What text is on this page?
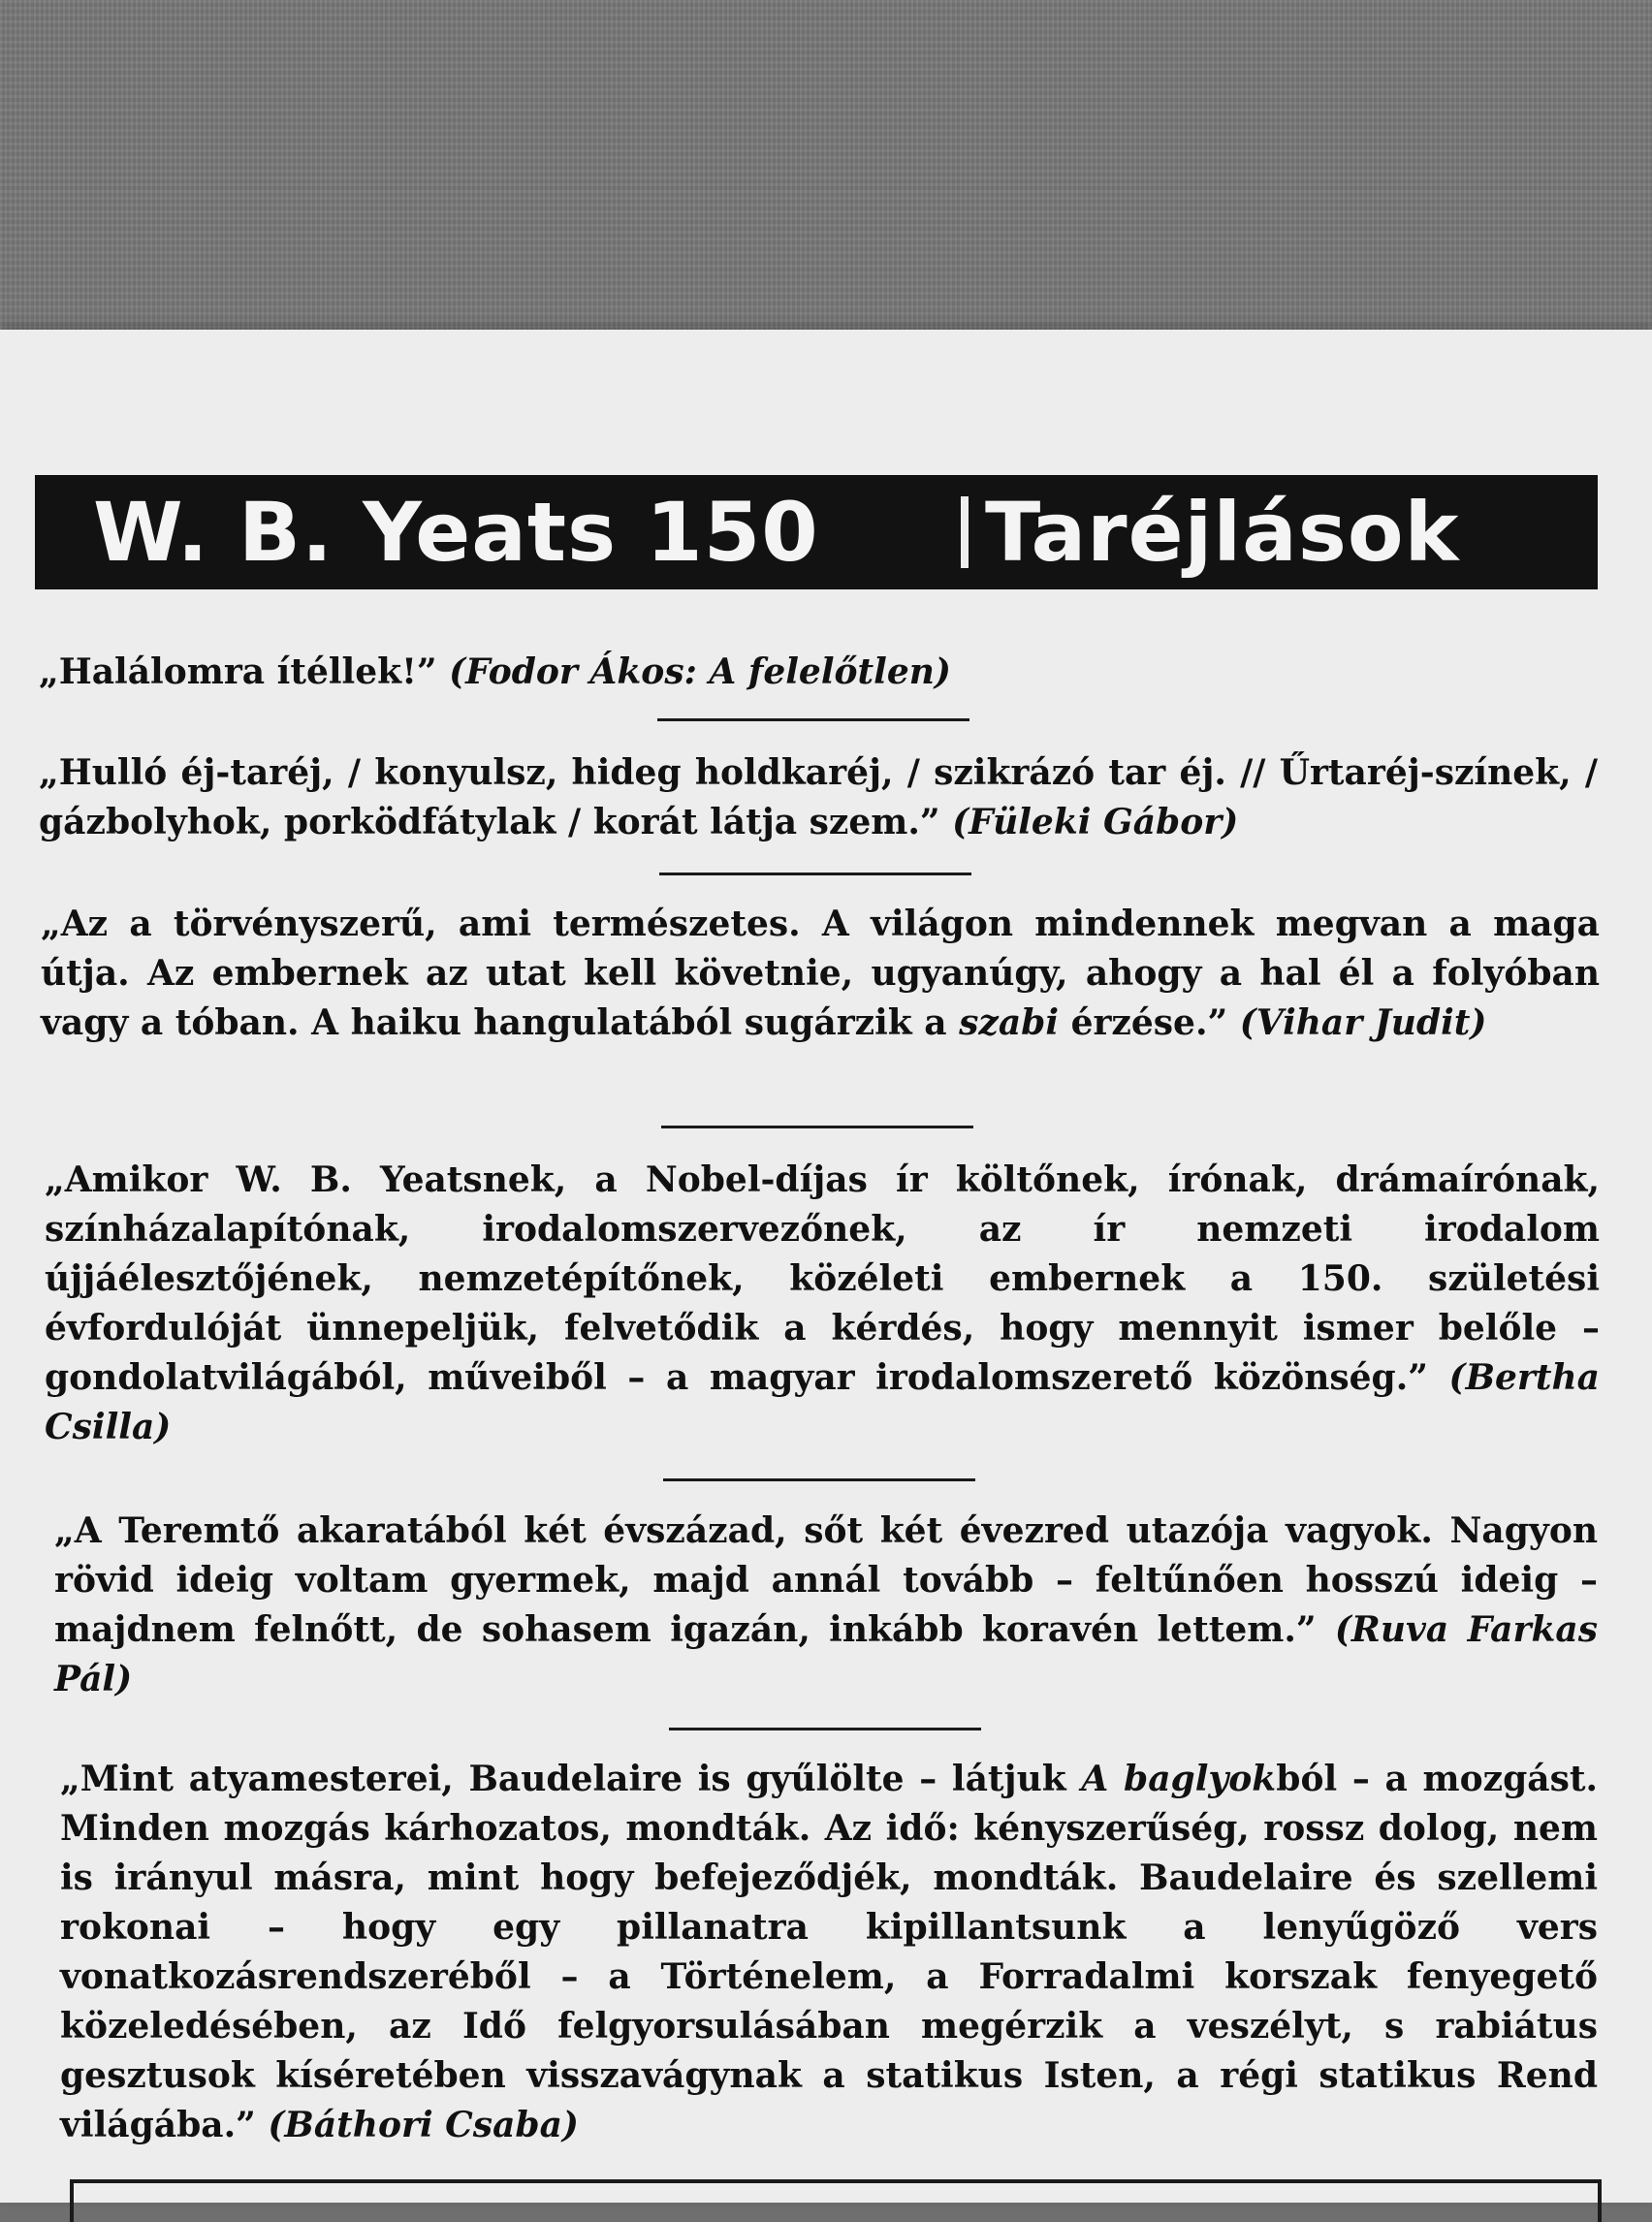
W. B. Yeats 150 Taréjlások

„Halálomra ítéllek!” (Fodor Ákos: A felelőtlen)

„Hulló éj-taréj, / konyulsz, hideg holdkaréj, / szikrázó tar éj. // Űrtaréj-színek, / gázbolyhok, porködfátylak / korát látja szem.” (Füleki Gábor)

„Az a törvényszerű, ami természetes. A világon mindennek megvan a maga útja. Az embernek az utat kell követnie, ugyanúgy, ahogy a hal él a folyóban vagy a tóban. A haiku hangulatából sugárzik a szabi érzése.” (Vihar Judit)

„Amikor W. B. Yeatsnek, a Nobel-díjas ír költőnek, írónak, drámaírónak, színházalapítónak, irodalomszervezőnek, az ír nemzeti irodalom újjáélesztőjének, nemzetépítőnek, közéleti embernek a 150. születési évfordulóját ünnepeljük, felvetődik a kérdés, hogy mennyit ismer belőle – gondolatvilágából, műveiből – a magyar irodalomszerető közönség.” (Bertha Csilla)

„A Teremtő akaratából két évszázad, sőt két évezred utazója vagyok. Nagyon rövid ideig voltam gyermek, majd annál tovább – feltűnően hosszú ideig – majdnem felnőtt, de sohasem igazán, inkább koravén lettem.” (Ruva Farkas Pál)

„Mint atyamesterei, Baudelaire is gyűlölte – látjuk A baglyokból – a mozgást. Minden mozgás kárhozatos, mondták. Az idő: kényszerűség, rossz dolog, nem is irányul másra, mint hogy befejeződjék, mondták. Baudelaire és szellemi rokonai – hogy egy pillanatra kipillantsunk a lenyűgöző vers vonatkozásrendszeréből – a Történelem, a Forradalmi korszak fenyegető közeledésében, az Idő felgyorsulásában megérzik a veszélyt, s rabiátus gesztusok kíséretében visszavágynak a statikus Isten, a régi statikus Rend világába.” (Báthori Csaba)
